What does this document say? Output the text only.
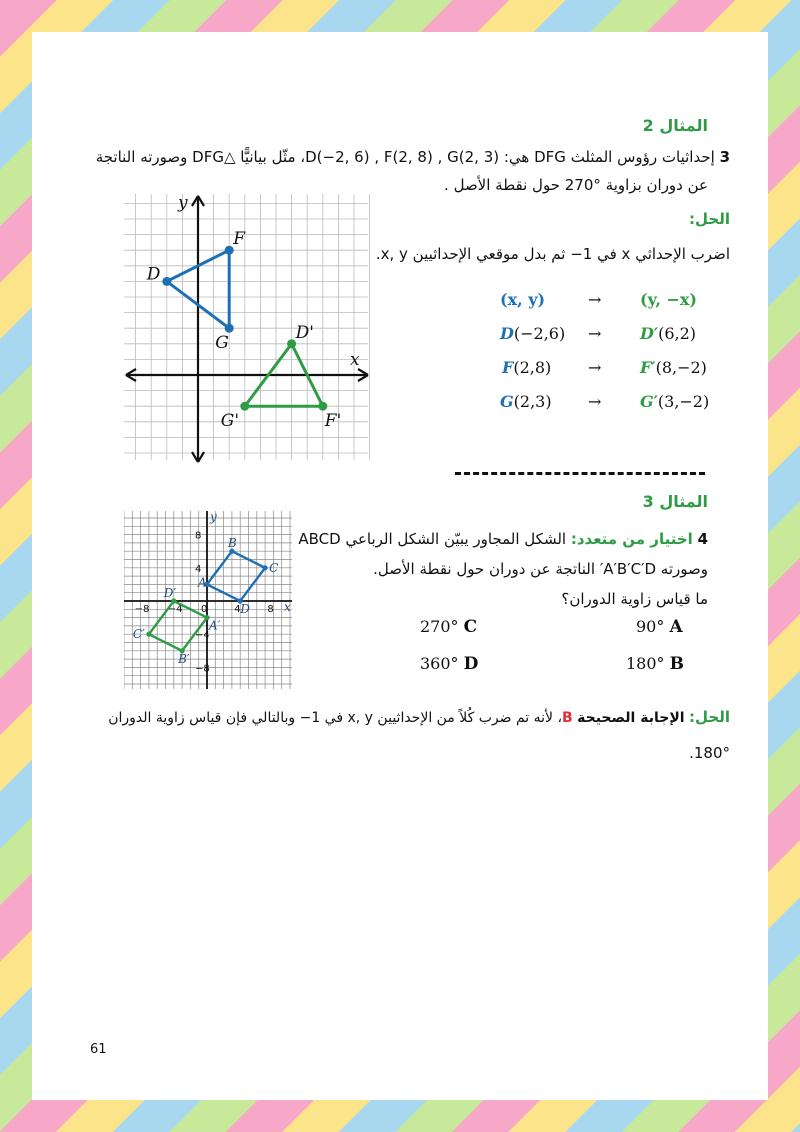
المثال 2
3 إحداثيات رؤوس المثلث DFG هي: D(−2, 6) , F(2, 8) , G(2, 3)، مثّل بيانيًّا △DFG وصورته الناتجة
عن دوران بزاوية °270 حول نقطة الأصل .
الحل:
اضرب الإحداثي x في 1− ثم بدل موقعي الإحداثيين x, y.
(x, y)	→ (y, −x)
D(−2,6) → D′(6,2)
F(2,8) → F′(8,−2)
G(2,3) → G′(3,−2)
x
y
D
F
G
D'
F'
G'
المثال 3
4 اختيار من متعدد: الشكل المجاور يبيّن الشكل الرباعي ABCD
وصورته A′B′C′D′ الناتجة عن دوران حول نقطة الأصل.
ما قياس زاوية الدوران؟
90° A
180° B
270° C
360° D
x
y
−8 −4 0	4	8
8
4
−4
−8
A
B
C
D
A′
B′
C′
D′
الحل: الإجابة الصحيحة B، لأنه تم ضرب كُلاً من الإحداثيين x, y في 1− وبالتالي فإن قياس زاوية الدوران
.180°
61
